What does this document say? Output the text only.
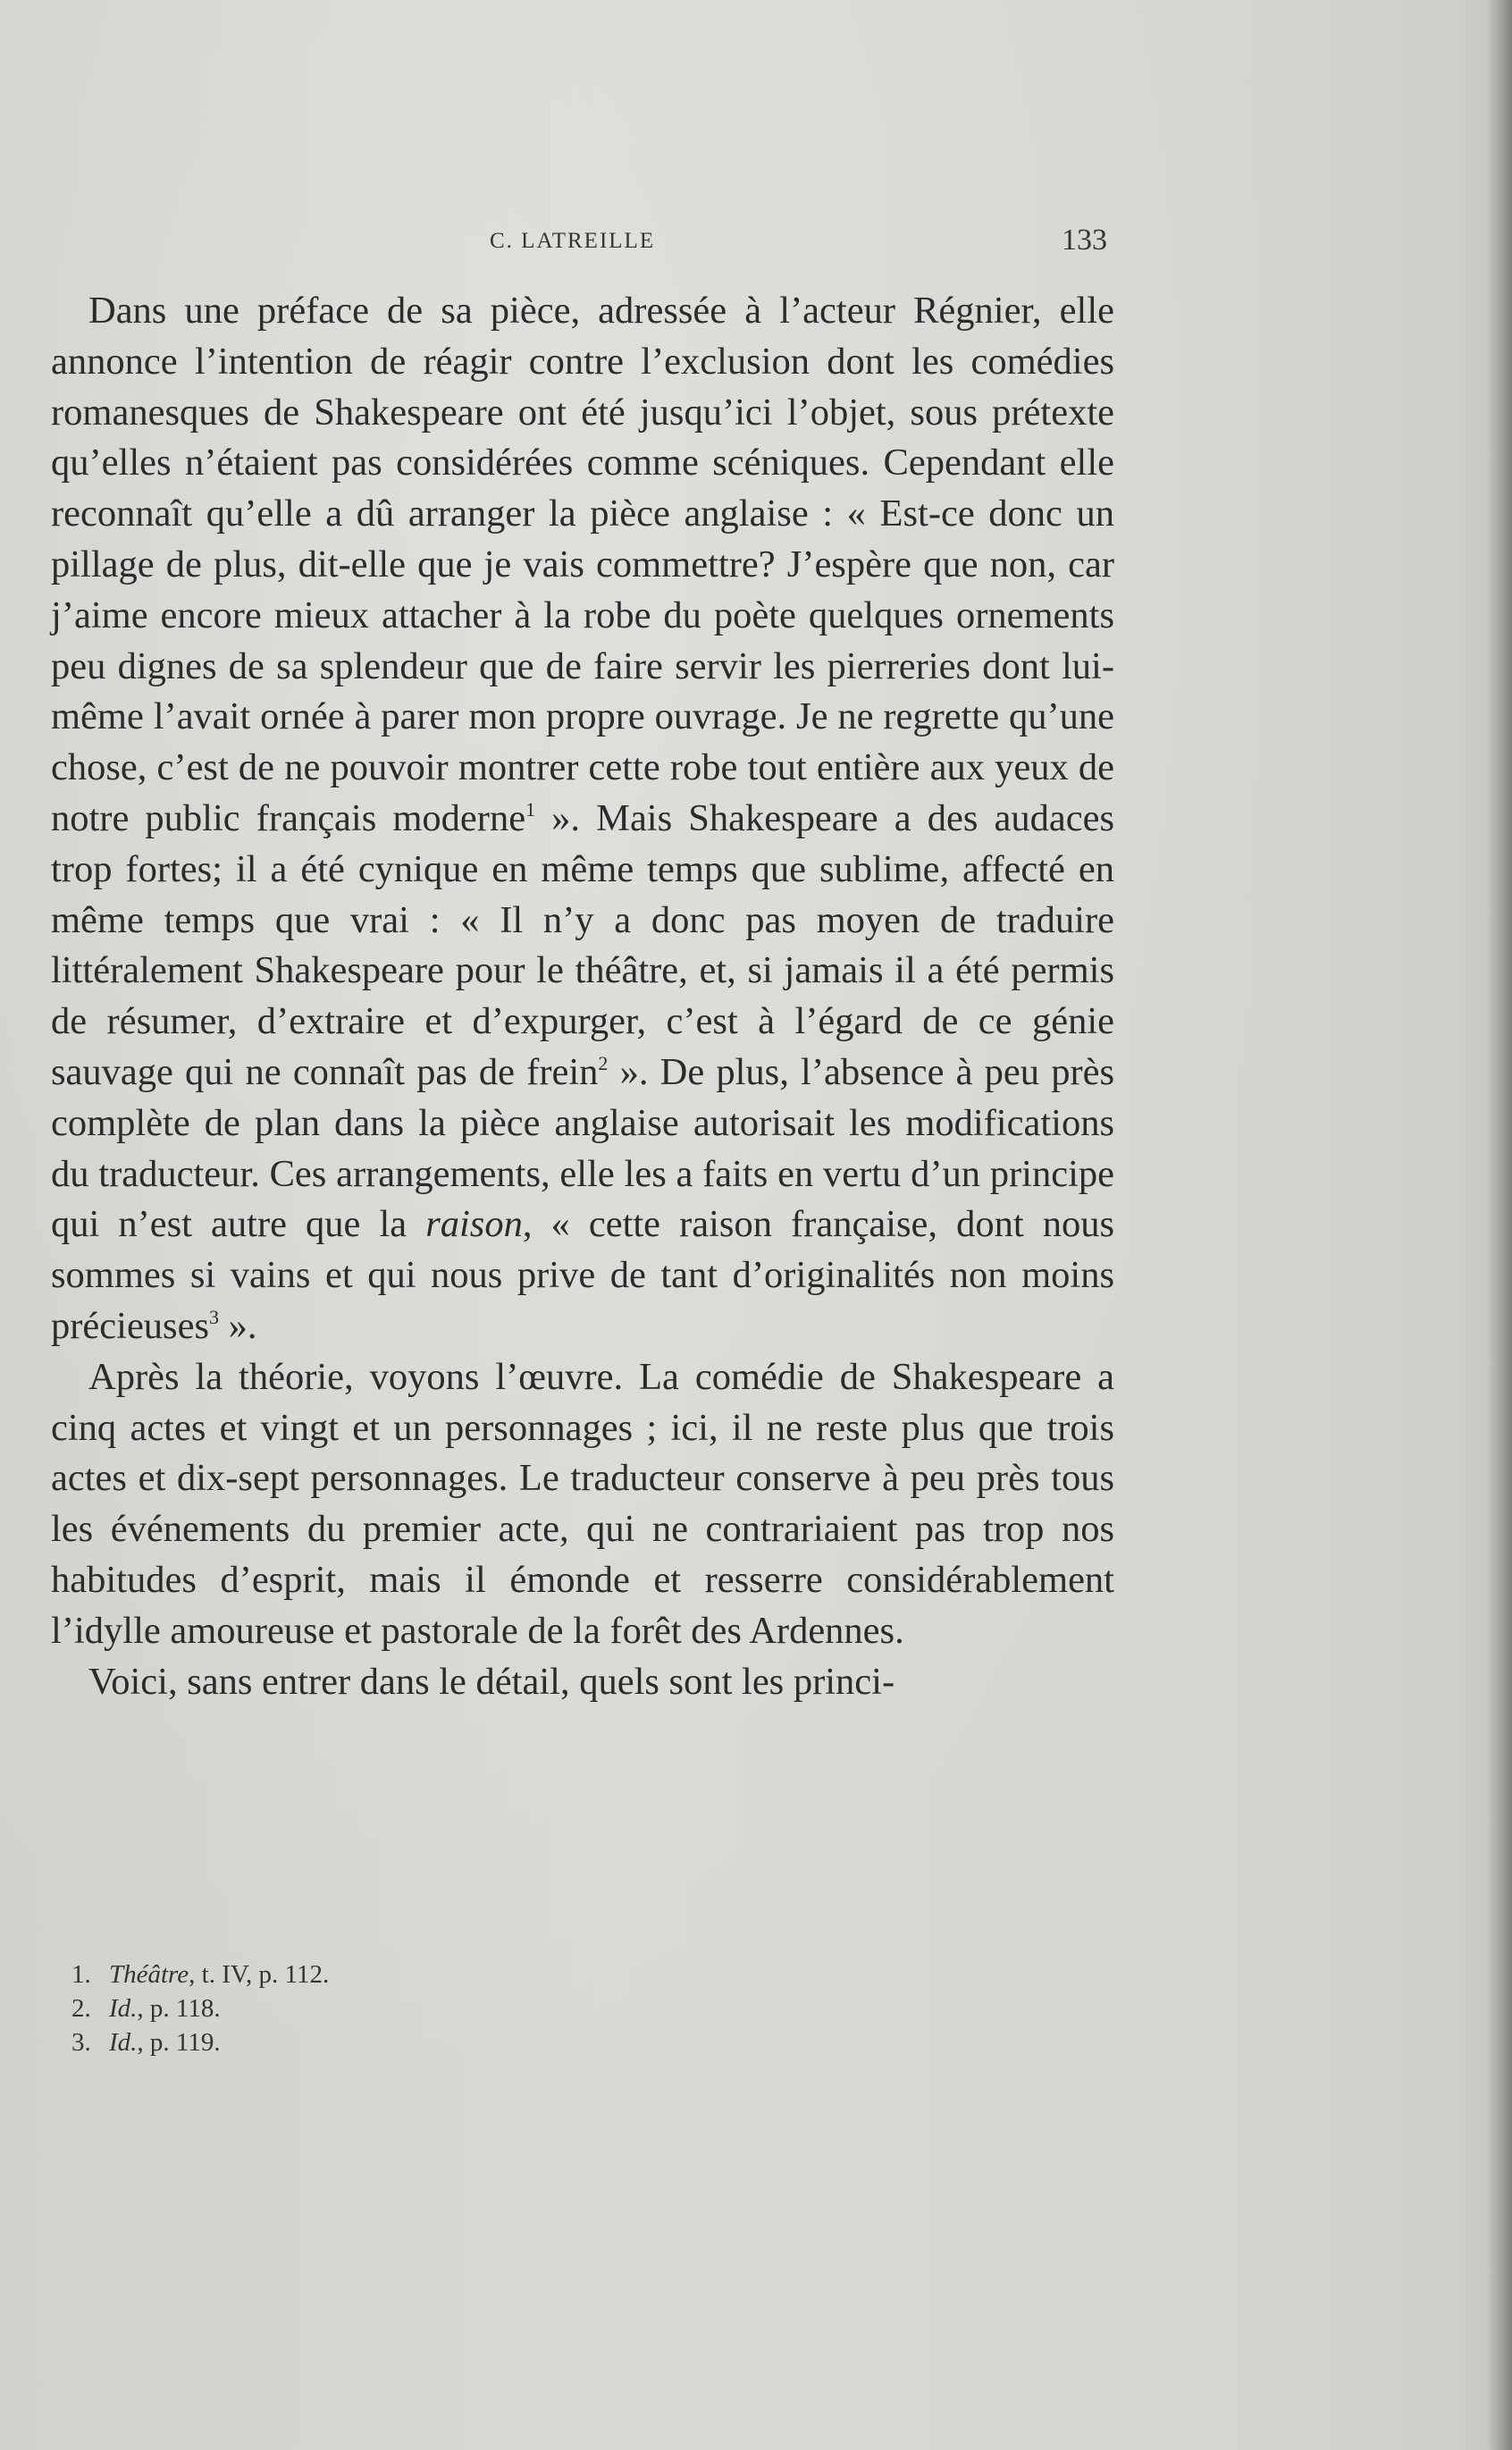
C. LATREILLE	133

Dans une préface de sa pièce, adressée à l’acteur Régnier, elle annonce l’intention de réagir contre l’exclusion dont les comédies romanesques de Shakespeare ont été jusqu’ici l’objet, sous prétexte qu’elles n’étaient pas considérées comme scéniques. Cependant elle reconnaît qu’elle a dû arranger la pièce anglaise : « Est-ce donc un pillage de plus, dit-elle que je vais commettre? J’espère que non, car j’aime encore mieux attacher à la robe du poète quelques ornements peu dignes de sa splendeur que de faire servir les pierreries dont lui-même l’avait ornée à parer mon propre ouvrage. Je ne regrette qu’une chose, c’est de ne pouvoir montrer cette robe tout entière aux yeux de notre public français moderne$^1$ ». Mais Shakespeare a des audaces trop fortes; il a été cynique en même temps que sublime, affecté en même temps que vrai : « Il n’y a donc pas moyen de traduire littéralement Shakespeare pour le théâtre, et, si jamais il a été permis de résumer, d’extraire et d’expurger, c’est à l’égard de ce génie sauvage qui ne connaît pas de frein$^2$ ». De plus, l’absence à peu près complète de plan dans la pièce anglaise autorisait les modifications du traducteur. Ces arrangements, elle les a faits en vertu d’un principe qui n’est autre que la raison, « cette raison française, dont nous sommes si vains et qui nous prive de tant d’originalités non moins précieuses$^3$ ».

Après la théorie, voyons l’œuvre. La comédie de Shakespeare a cinq actes et vingt et un personnages ; ici, il ne reste plus que trois actes et dix-sept personnages. Le traducteur conserve à peu près tous les événements du premier acte, qui ne contrariaient pas trop nos habitudes d’esprit, mais il émonde et resserre considérablement l’idylle amoureuse et pastorale de la forêt des Ardennes.

Voici, sans entrer dans le détail, quels sont les princi-

1. Théâtre, t. IV, p. 112.
2. Id., p. 118.
3. Id., p. 119.
